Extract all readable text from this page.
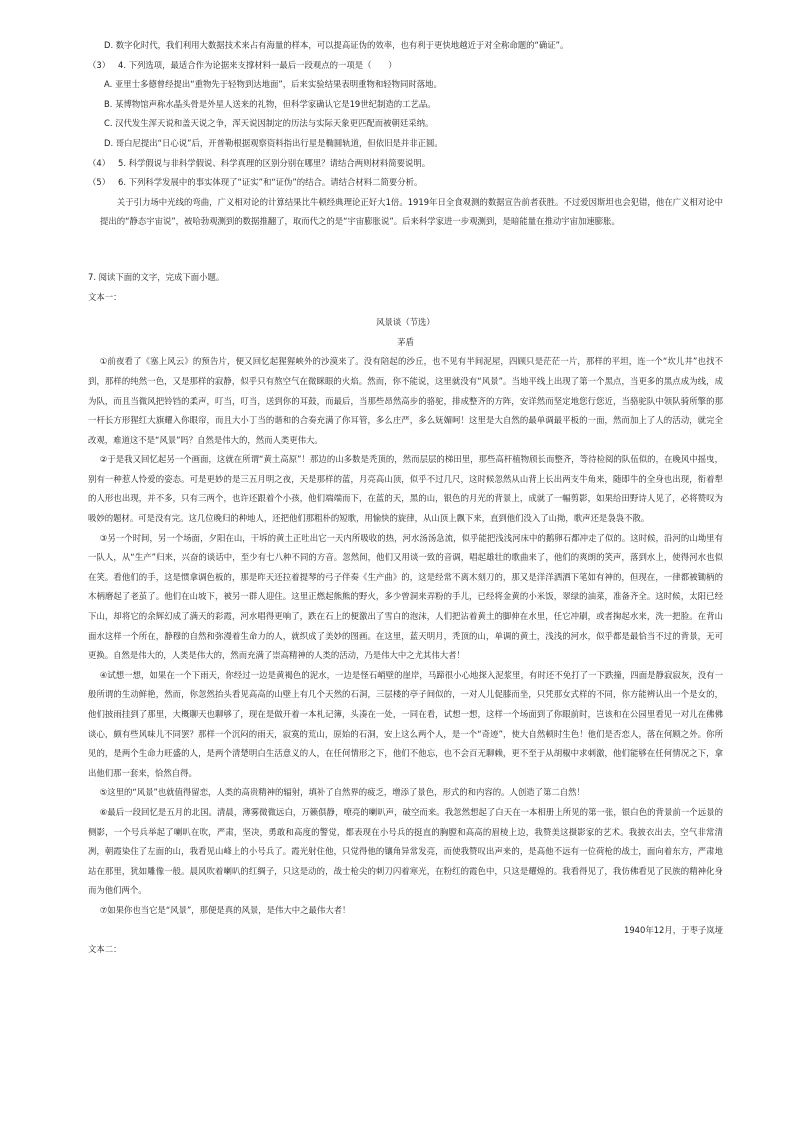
D. 数字化时代，我们利用大数据技术来占有海量的样本，可以提高证伪的效率，也有利于更快地越近于对全称命题的“确证”。

（3） 4. 下列选项，最适合作为论据来支撑材料一最后一段观点的一项是（　　）

A. 亚里士多德曾经提出“重物先于轻物到达地面”，后来实验结果表明重物和轻物同时落地。

B. 某博物馆声称水晶头骨是外星人送来的礼物，但科学家确认它是19世纪制造的工艺品。

C. 汉代发生浑天说和盖天说之争，浑天说因制定的历法与实际天象更匹配而被朝廷采纳。

D. 哥白尼提出“日心说”后，开普勒根据观察资料指出行星是椭圆轨道，但依旧是并非正圆。

（4） 5. 科学假说与非科学假说、科学真理的区别分别在哪里？请结合两则材料简要说明。

（5） 6. 下列科学发展中的事实体现了“证实”和“证伪”的结合。请结合材料二简要分析。

关于引力场中光线的弯曲，广义相对论的计算结果比牛顿经典理论正好大1倍。1919年日全食观测的数据宣告前者获胜。不过爱因斯坦也会犯错，他在广义相对论中提出的“静态宇宙说”，被哈勃观测到的数据推翻了，取而代之的是“宇宙膨胀说”。后来科学家进一步观测到，是暗能量在推动宇宙加速膨胀。

7. 阅读下面的文字，完成下面小题。

文本一：

风景谈（节选）

茅盾

①前夜看了《塞上风云》的预告片，便又回忆起猩猩峡外的沙漠来了。没有陪起的沙丘，也不见有半间泥屋，四顾只是茫茫一片，那样的平坦，连一个“坎儿井”也找不到，那样的纯然一色，又是那样的寂静，似乎只有熬空气在微眯眼的火焰。然而，你不能说，这里就没有“风景”。当地平线上出现了第一个黑点，当更多的黑点成为线，成为队，而且当微风把铃铛的柔声，叮当，叮当，送到你的耳鼓，而最后，当那些昂然高步的骆驼，排成整齐的方阵，安详然而坚定地您行您近，当骆驼队中领队骑所擎的那一杆长方形猩红大旗耀入你眼帘，而且大小丁当的谐和的合奏充满了你耳管，多么庄严，多么妩媚呵！这里是大自然的最单调最平板的一面，然而加上了人的活动，就完全改观，难道这不是“风景”吗？自然是伟大的，然而人类更伟大。

②于是我又回忆起另一个画面，这就在所谓“黄土高原”！那边的山多数是秃顶的，然而层层的梯田里，那些高杆植物颀长而整齐，等待检阅的队伍似的，在晚风中摇曳，别有一种惹人怜爱的姿态。可是更妙的是三五月明之夜，天是那样的蓝，月亮高山顶，似乎不过几尺，这时候忽然从山背上长出两支牛角来，随即牛的全身也出现，衔着犁的人形也出现，并不多，只有三两个，也许还跟着个小孩，他们端端而下，在蓝的天，黑的山，银色的月光的背景上，成就了一幅剪影，如果给田野诗人见了，必将赞叹为吸妙的题材。可是没有完。这几位晚归的种地人，还把他们那粗朴的短歌，用愉快的旋律，从山顶上飘下来，直到他们没入了山拗，歌声还是袅袅不散。

③另一个时间，另一个场面，夕阳在山，干坼的黄土正吐出它一天内所吸收的热，河水汤汤急流，似乎能把浅浅河床中的鹅卵石都冲走了似的。这时候，沿河的山坳里有一队人，从“生产”归来，兴奋的谈话中，至少有七八种不同的方音。忽然间，他们又用谈一致的音调，唱起雄壮的歌曲来了，他们的爽朗的笑声，落到水上，使得河水也似在笑。看他们的手，这是惯拿调色板的，那是昨天还拉着提琴的弓子伴奏《生产曲》的，这是经常不离木刻刀的，那又是洋洋洒洒下笔如有神的，但现在，一律都被锄柄的木柄磨起了老茧了。他们在山坡下，被另一群人迎住。这里正燃起熊熊的野火，多少曾洞来弄粉的手儿，已经将金黄的小米饭，翠绿的油菜，准备齐全。这时候，太阳已经下山，却将它的余辉幻成了满天的彩霞，河水唱得更响了，跌在石上的便激出了雪白的泡沫，人们把沾着黄土的脚伸在水里，任它冲刷，或者掬起水来，洗一把脸。在背山面水这样一个所在，静穆的自然和弥漫着生命力的人，就织成了美妙的图画。在这里，蓝天明月，秃顶的山，单调的黄土，浅浅的河水，似乎都是最恰当不过的背景，无可更换。自然是伟大的，人类是伟大的，然而充满了崇高精神的人类的活动，乃是伟大中之尤其伟大者！

④试想一想，如果在一个下雨天，你经过一边是黄褐色的泥水，一边是怪石峭壁的崖岸，马蹄很小心地探入泥浆里，有时还不免打了一下跌撞，四面是静寂寂灰，没有一般所谓的生动鲜艳，然而，你忽然抬头看见高高的山壁上有几个天然的石洞，三层楼的亭子间似的，一对人儿促膝而坐，只凭那女式样的不同，你方能辨认出一个是女的，他们披雨挂到了那里，大概聊天也聊够了，现在是做开着一本札记簿，头凑在一处，一同在看，试想一想，这样一个场面到了你眼前时，岂该和在公园里看见一对儿在佛佛谈心，颇有些风味儿不同罢？那样一个沉闷的雨天，寂寞的荒山，原始的石洞，安上这么两个人，是一个“奇迹”，使大自然顿时生色！他们是否恋人，落在何顾之外。你所见的，是两个生命力旺盛的人，是两个清楚明白生活意义的人，在任何情形之下，他们不他忘，也不会百无聊赖，更不至于从胡椒中求刺激，他们能够在任何情况之下，拿出他们那一套来，恰然自得。

⑤这里的“风景”也就值得留恋，人类的高贵精神的辐射，填补了自然界的疲乏，增添了景色，形式的和内容的。人创造了第二自然！

⑥最后一段回忆是五月的北国。清晨，薄雾微微远白，万籁俱静，嘹亮的喇叭声，破空而来。我忽然想起了白天在一本相册上所见的第一张，银白色的背景前一个远景的侧影，一个号兵举起了喇叭在吹，严肃，坚决，勇敢和高度的警觉，都表现在小号兵的挺直的胸膛和高高的眉棱上边，我赞美这摄影家的艺术。我披衣出去，空气非常清冽，朝霞染住了左面的山，我看见山峰上的小号兵了。霞光射住他，只觉得他的镶角异常发亮，而使我赞叹出声来的，是高他不远有一位荷枪的战士，面向着东方，严肃地站在那里，犹如雕像一般。晨风吹着喇叭的红绸子，只这是动的，战士枪尖的刺刀闪着寒光，在粉红的霞色中，只这是耀煌的。我看得见了，我仿佛看见了民族的精神化身而为他们两个。

⑦如果你也当它是“风景”，那便是真的风景，是伟大中之最伟大者！

1940年12月，于枣子岚垭

文本二：
